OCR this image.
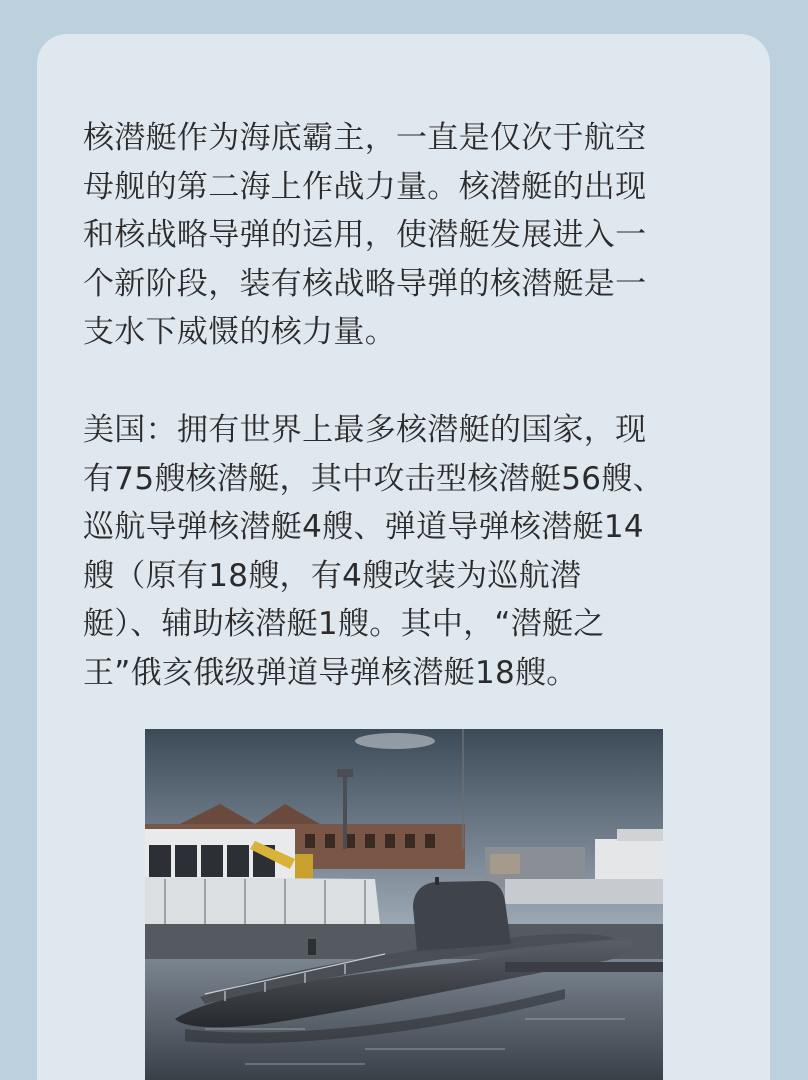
核潜艇作为海底霸主，一直是仅次于航空
母舰的第二海上作战力量。核潜艇的出现
和核战略导弹的运用，使潜艇发展进入一
个新阶段，装有核战略导弹的核潜艇是一
支水下威慑的核力量。

美国：拥有世界上最多核潜艇的国家，现
有75艘核潜艇，其中攻击型核潜艇56艘、
巡航导弹核潜艇4艘、弹道导弹核潜艇14
艘（原有18艘，有4艘改装为巡航潜
艇）、辅助核潜艇1艘。其中，“潜艇之
王”俄亥俄级弹道导弹核潜艇18艘。
